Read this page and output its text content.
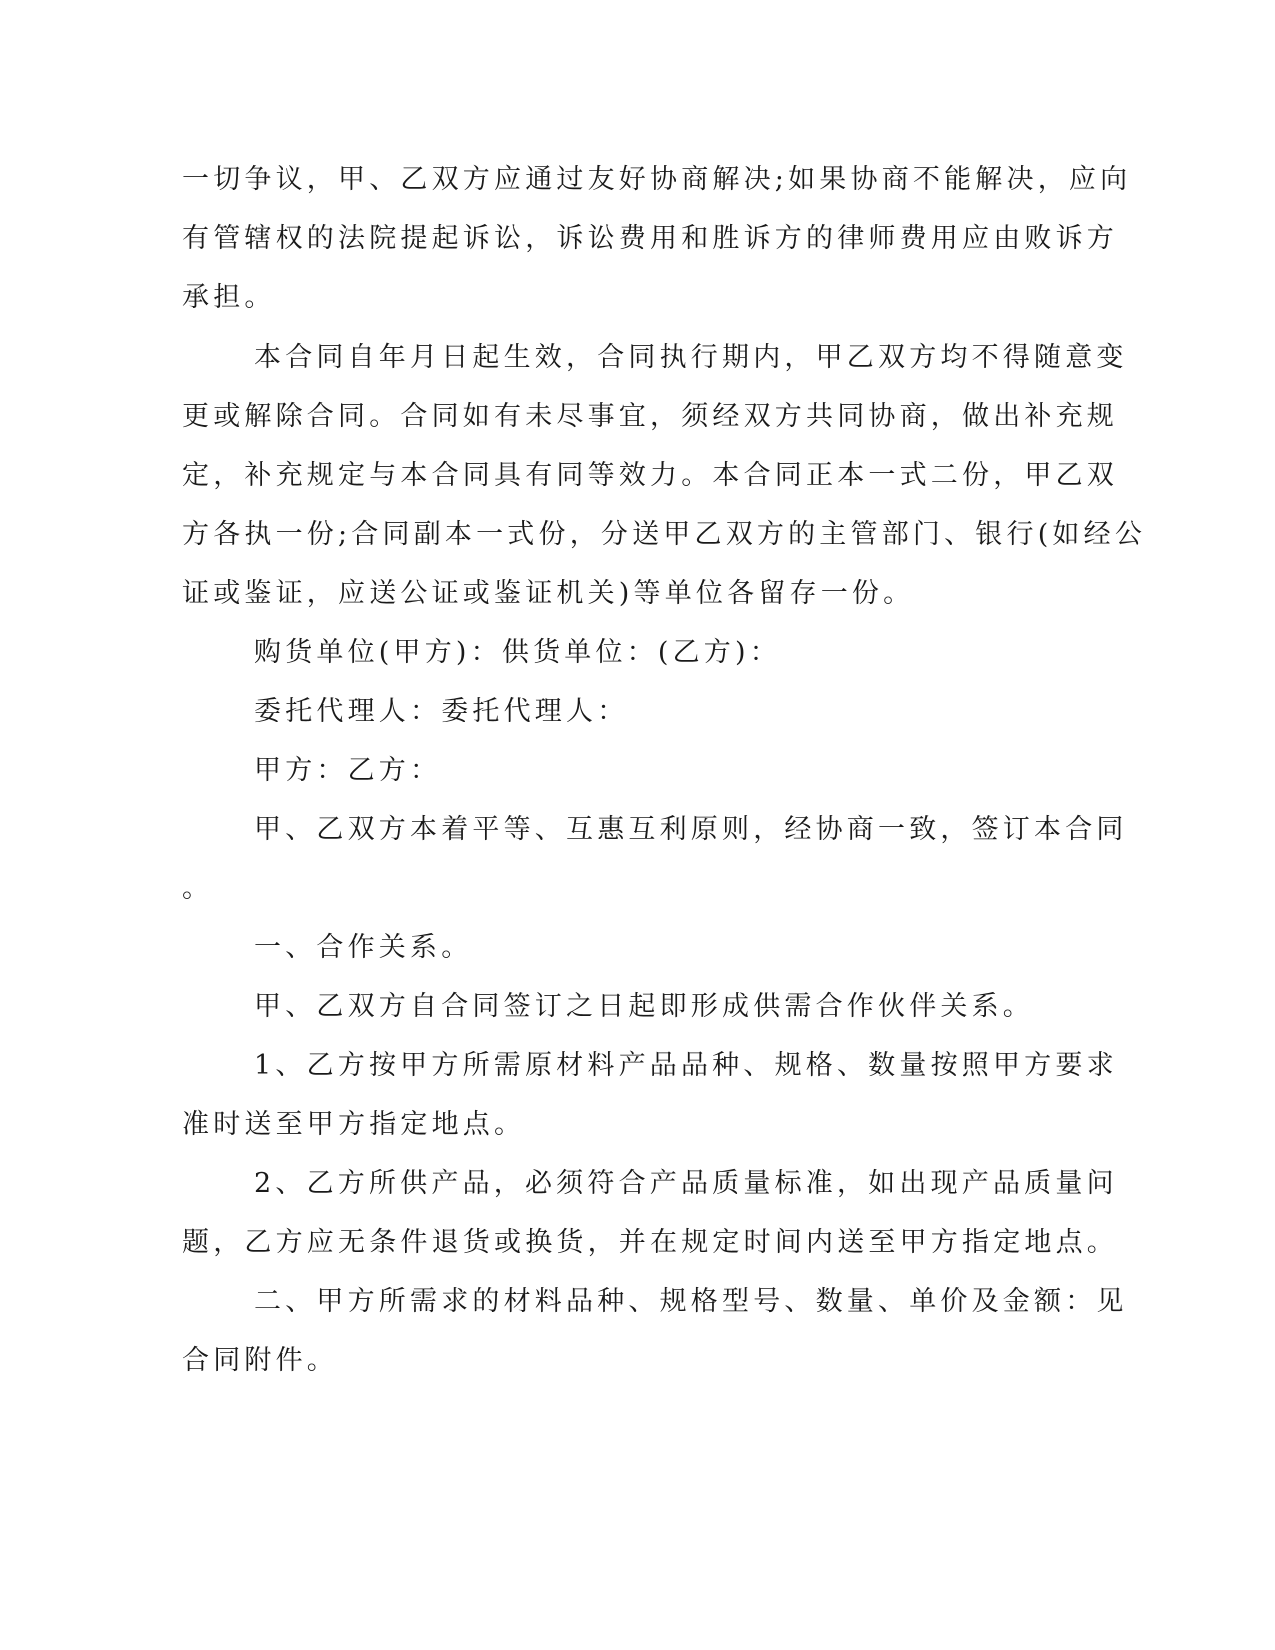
一切争议，甲、乙双方应通过友好协商解决;如果协商不能解决，应向
有管辖权的法院提起诉讼，诉讼费用和胜诉方的律师费用应由败诉方
承担。
本合同自年月日起生效，合同执行期内，甲乙双方均不得随意变
更或解除合同。合同如有未尽事宜，须经双方共同协商，做出补充规
定，补充规定与本合同具有同等效力。本合同正本一式二份，甲乙双
方各执一份;合同副本一式份，分送甲乙双方的主管部门、银行(如经公
证或鉴证，应送公证或鉴证机关)等单位各留存一份。
购货单位(甲方)：供货单位：(乙方)：
委托代理人：委托代理人：
甲方：乙方：
甲、乙双方本着平等、互惠互利原则，经协商一致，签订本合同
。
一、合作关系。
甲、乙双方自合同签订之日起即形成供需合作伙伴关系。
1、乙方按甲方所需原材料产品品种、规格、数量按照甲方要求
准时送至甲方指定地点。
2、乙方所供产品，必须符合产品质量标准，如出现产品质量问
题，乙方应无条件退货或换货，并在规定时间内送至甲方指定地点。
二、甲方所需求的材料品种、规格型号、数量、单价及金额：见
合同附件。
